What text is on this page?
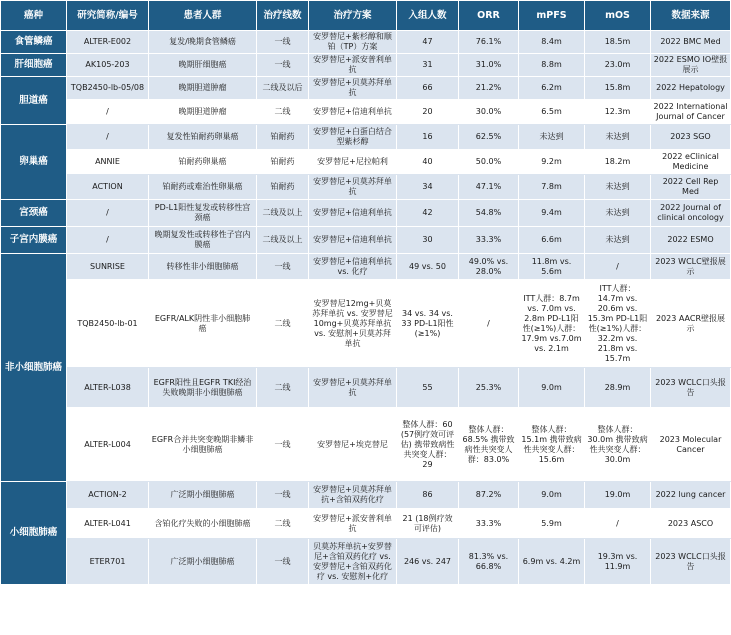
癌种	研究简称/编号	患者人群	治疗线数	治疗方案	入组人数	ORR	mPFS	mOS	数据来源
食管鳞癌	ALTER-E002	复发/晚期食管鳞癌	一线	安罗替尼+紫杉醇和顺铂（TP）方案	47	76.1%	8.4m	18.5m	2022 BMC Med
肝细胞癌	AK105-203	晚期肝细胞癌	一线	安罗替尼+派安普利单抗	31	31.0%	8.8m	23.0m	2022 ESMO IO壁报展示
胆道癌	TQB2450-lb-05/08	晚期胆道肿瘤	二线及以后	安罗替尼+贝莫苏拜单抗	66	21.2%	6.2m	15.8m	2022 Hepatology
	/	晚期胆道肿瘤	二线	安罗替尼+信迪利单抗	20	30.0%	6.5m	12.3m	2022 International Journal of Cancer
卵巢癌	/	复发性铂耐药卵巢癌	铂耐药	安罗替尼+白蛋白结合型紫杉醇	16	62.5%	未达到	未达到	2023 SGO
	ANNIE	铂耐药卵巢癌	铂耐药	安罗替尼+尼拉帕利	40	50.0%	9.2m	18.2m	2022 eClinical Medicine
	ACTION	铂耐药或难治性卵巢癌	铂耐药	安罗替尼+贝莫苏拜单抗	34	47.1%	7.8m	未达到	2022 Cell Rep Med
宫颈癌	/	PD-L1阳性复发或转移性宫颈癌	二线及以上	安罗替尼+信迪利单抗	42	54.8%	9.4m	未达到	2022 Journal of clinical oncology
子宫内膜癌	/	晚期复发性或转移性子宫内膜癌	二线及以上	安罗替尼+信迪利单抗	30	33.3%	6.6m	未达到	2022 ESMO
非小细胞肺癌	SUNRISE	转移性非小细胞肺癌	一线	安罗替尼+信迪利单抗 vs. 化疗	49 vs. 50	49.0% vs. 28.0%	11.8m vs. 5.6m	/	2023 WCLC壁报展示
	TQB2450-lb-01	EGFR/ALK阴性非小细胞肺癌	二线	安罗替尼12mg+贝莫苏拜单抗 vs. 安罗替尼10mg+贝莫苏拜单抗 vs. 安慰剂+贝莫苏拜单抗	34 vs. 34 vs. 33 PD-L1阳性(≥1%)	/	ITT人群：8.7m vs. 7.0m vs. 2.8m PD-L1阳性(≥1%)人群：17.9m vs.7.0m vs. 2.1m	ITT人群：14.7m vs. 20.6m vs. 15.3m PD-L1阳性(≥1%)人群：32.2m vs. 21.8m vs. 15.7m	2023 AACR壁报展示
	ALTER-L038	EGFR阳性且EGFR TKI经治失败晚期非小细胞肺癌	二线	安罗替尼+贝莫苏拜单抗	55	25.3%	9.0m	28.9m	2023 WCLC口头报告
	ALTER-L004	EGFR合并共突变晚期非鳞非小细胞肺癌	一线	安罗替尼+埃克替尼	整体人群：60 (57例疗效可评估) 携带致病性共突变人群：29	整体人群：68.5% 携带致病性共突变人群：83.0%	整体人群：15.1m 携带致病性共突变人群：15.6m	整体人群：30.0m 携带致病性共突变人群：30.0m	2023 Molecular Cancer
小细胞肺癌	ACTION-2	广泛期小细胞肺癌	一线	安罗替尼+贝莫苏拜单抗+含铂双药化疗	86	87.2%	9.0m	19.0m	2022 lung cancer
	ALTER-L041	含铂化疗失败的小细胞肺癌	二线	安罗替尼+派安普利单抗	21 (18例疗效可评估)	33.3%	5.9m	/	2023 ASCO
	ETER701	广泛期小细胞肺癌	一线	贝莫苏拜单抗+安罗替尼+含铂双药化疗 vs. 安罗替尼+含铂双药化疗 vs. 安慰剂+化疗	246 vs. 247	81.3% vs. 66.8%	6.9m vs. 4.2m	19.3m vs. 11.9m	2023 WCLC口头报告
